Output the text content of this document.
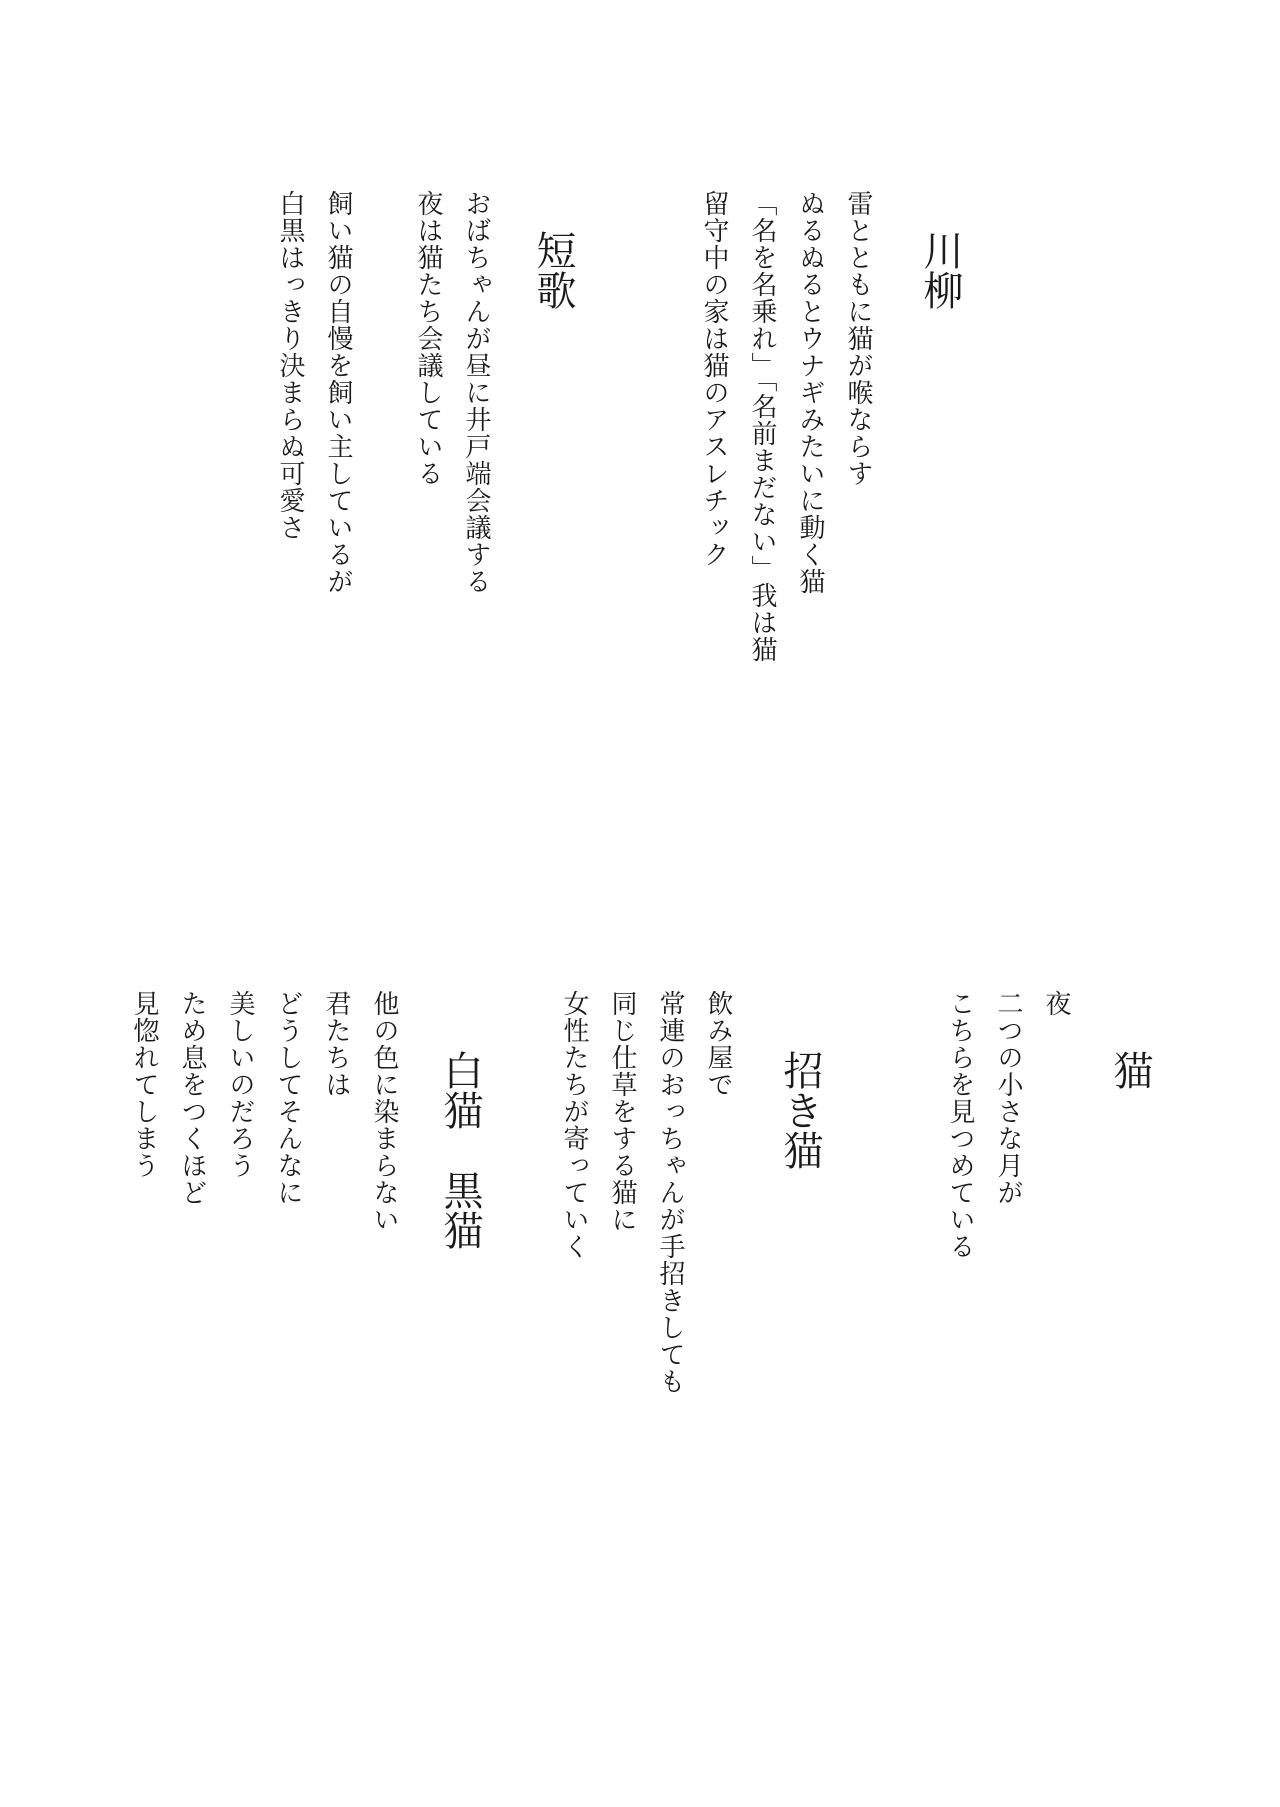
川柳
雷とともに猫が喉ならす
ぬるぬるとウナギみたいに動く猫
「名を名乗れ」「名前まだない」我は猫
留守中の家は猫のアスレチック
短歌
おばちゃんが昼に井戸端会議する
夜は猫たち会議している
飼い猫の自慢を飼い主しているが
白黒はっきり決まらぬ可愛さ
猫
夜
二つの小さな月が
こちらを見つめている
招き猫
飲み屋で
常連のおっちゃんが手招きしても
同じ仕草をする猫に
女性たちが寄っていく
白猫　黒猫
他の色に染まらない
君たちは
どうしてそんなに
美しいのだろう
ため息をつくほど
見惚れてしまう
